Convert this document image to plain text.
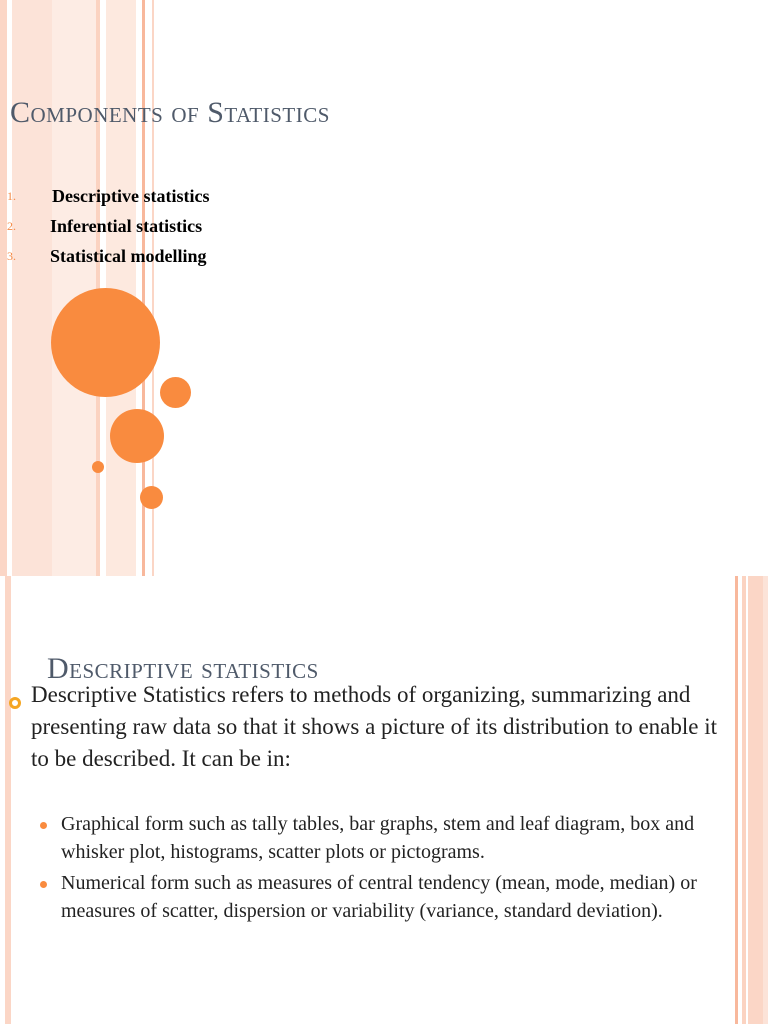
Components of Statistics
1. Descriptive statistics
2. Inferential statistics
3. Statistical modelling
Descriptive statistics

Descriptive Statistics refers to methods of organizing, summarizing and presenting raw data so that it shows a picture of its distribution to enable it to be described. It can be in:

Graphical form such as tally tables, bar graphs, stem and leaf diagram, box and whisker plot, histograms, scatter plots or pictograms.
Numerical form such as measures of central tendency (mean, mode, median) or measures of scatter, dispersion or variability (variance, standard deviation).
